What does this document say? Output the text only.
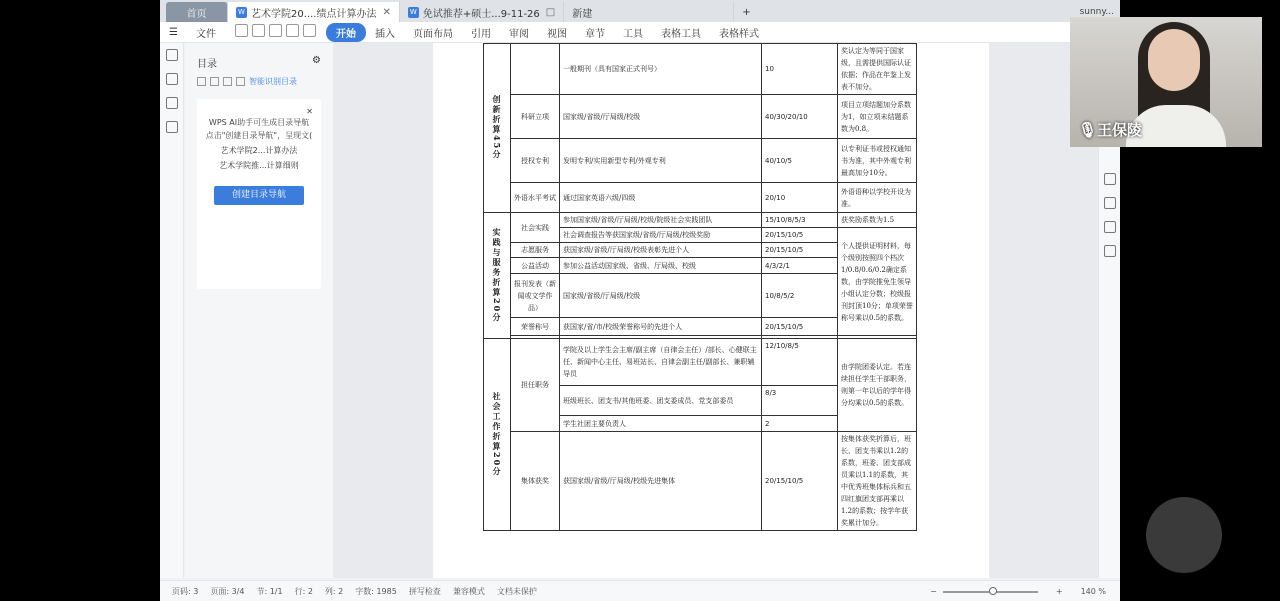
首页	W 艺术学院20....绩点计算办法 ✕	W 免试推荐+硕士...9-11-26 □ 新建	+	sunny...
☰	文件	开始	插入	页面布局	引用	审阅	视图	章节	工具	表格工具	表格样式
目录	⚙
智能识别目录
✕
WPS AI助手可生成目录导航
点击"创建目录导航"，呈现文(
艺术学院2...计算办法
艺术学院推...计算细则
创建目录导航
创新折算45分		一般期刊（具有国家正式刊号）	10	奖认定为等同于国家级，且需提供国际认证依据；作品在年鉴上发表不加分。
	科研立项	国家级/省级/厅局级/校级	40/30/20/10	项目立项结题加分系数为1，如立项未结题系数为0.8。
	授权专利	发明专利/实用新型专利/外观专利	40/10/5	以专利证书或授权通知书为准，其中外观专利最高加分10分。
	外语水平考试	通过国家英语六级/四级	20/10	外语语种以学校开设为准。
实践与服务折算20分	社会实践	参加国家级/省级/厅局级/校级/院级社会实践团队	15/10/8/5/3	获奖励系数为1.5
		社会调查报告等获国家级/省级/厅局级/校级奖励	20/15/10/5	个人提供证明材料，每个级别按照四个档次1/0.8/0.6/0.2确定系数，由学院推免生领导小组认定分数；校级报刊封顶10分；单项荣誉称号乘以0.5的系数。
	志愿服务	获国家级/省级/厅局级/校级表彰先进个人	20/15/10/5	
	公益活动	参加公益活动国家级、省级、厅局级、校级	4/3/2/1	
	报刊发表（新闻或文学作品）	国家级/省级/厅局级/校级	10/8/5/2	
	荣誉称号	获国家/省/市/校级荣誉称号的先进个人	20/15/10/5	

社会工作折算20分	担任职务	学院及以上学生会主席/副主席（自律会主任）/部长、心健联主任、新闻中心主任、易班站长、自律会副主任/副部长、兼职辅导员	12/10/8/5	由学院团委认定。若连续担任学生干部职务，则第一年以后的学年得分均乘以0.5的系数。
		班级班长、团支书/其他班委、团支委成员、党支部委员	8/3	
		学生社团主要负责人	2	
	集体获奖	获国家级/省级/厅局级/校级先进集体	20/15/10/5	按集体获奖折算后，班长、团支书乘以1.2的系数，班委、团支部成员乘以1.1的系数，其中优秀班集体标兵和五四红旗团支部再乘以1.2的系数；按学年获奖累计加分。
页码: 3 页面: 3/4 节: 1/1 行: 2 列: 2 字数: 1985 拼写检查 兼容模式 文档未保护	−	+ 140 %
🎙王保陵
